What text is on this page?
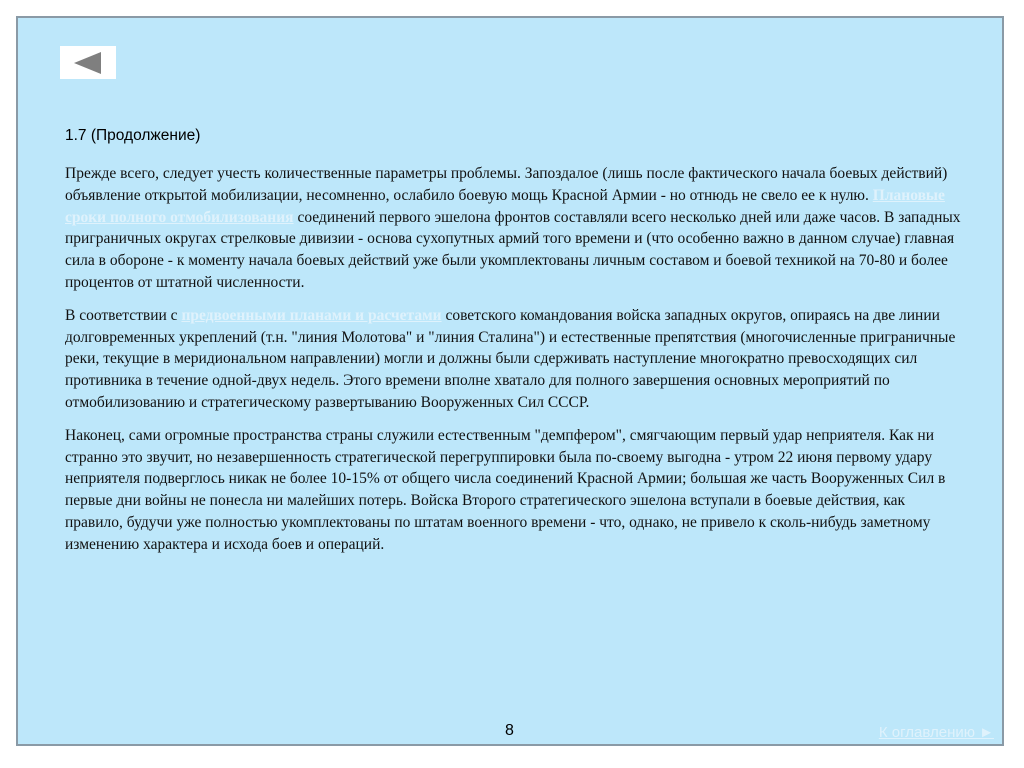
1.7 (Продолжение)

Прежде всего, следует учесть количественные параметры проблемы. Запоздалое (лишь после фактического начала боевых действий) объявление открытой мобилизации, несомненно, ослабило боевую мощь Красной Армии - но отнюдь не свело ее к нулю. Плановые сроки полного отмобилизования соединений первого эшелона фронтов составляли всего несколько дней или даже часов. В западных приграничных округах стрелковые дивизии - основа сухопутных армий того времени и (что особенно важно в данном случае) главная сила в обороне - к моменту начала боевых действий уже были укомплектованы личным составом и боевой техникой на 70-80 и более процентов от штатной численности.

В соответствии с предвоенными планами и расчетами советского командования войска западных округов, опираясь на две линии долговременных укреплений (т.н. "линия Молотова" и "линия Сталина") и естественные препятствия (многочисленные приграничные реки, текущие в меридиональном направлении) могли и должны были сдерживать наступление многократно превосходящих сил противника в течение одной-двух недель. Этого времени вполне хватало для полного завершения основных мероприятий по отмобилизованию и стратегическому развертыванию Вооруженных Сил СССР.

Наконец, сами огромные пространства страны служили естественным "демпфером", смягчающим первый удар неприятеля. Как ни странно это звучит, но незавершенность стратегической перегруппировки была по-своему выгодна - утром 22 июня первому удару неприятеля подверглось никак не более 10-15% от общего числа соединений Красной Армии; большая же часть Вооруженных Сил в первые дни войны не понесла ни малейших потерь. Войска Второго стратегического эшелона вступали в боевые действия, как правило, будучи уже полностью укомплектованы по штатам военного времени - что, однако, не привело к сколь-нибудь заметному изменению характера и исхода боев и операций.

8	К оглавлению ►
